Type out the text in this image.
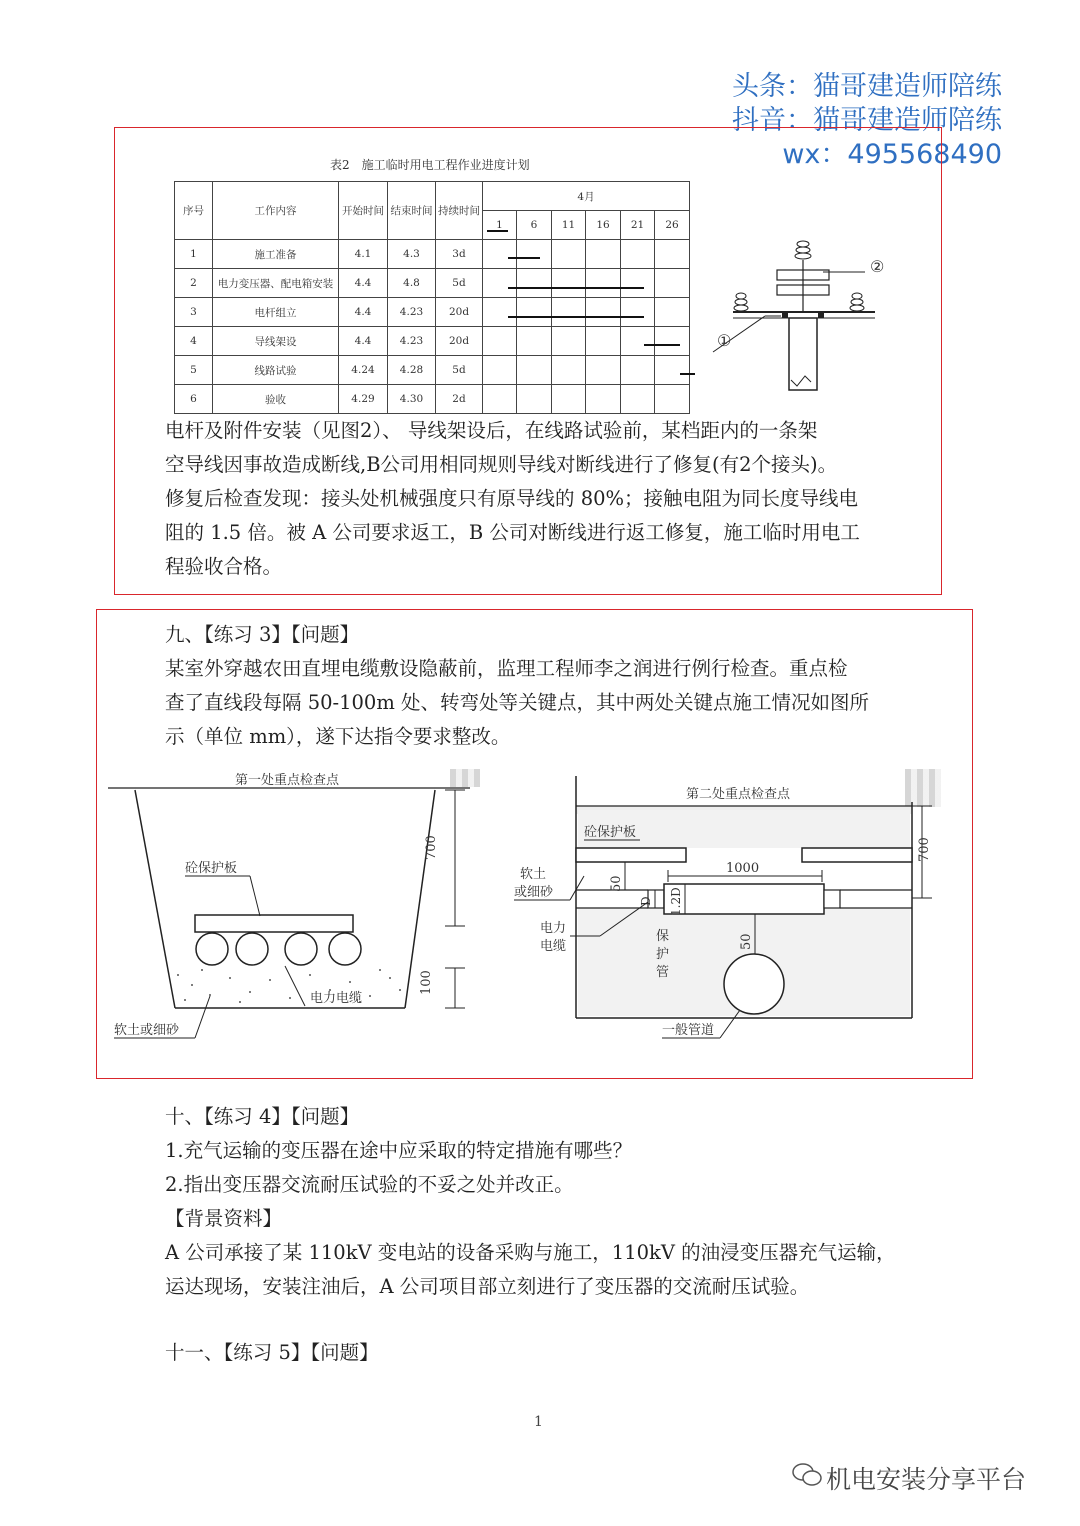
头条：猫哥建造师陪练
抖音：猫哥建造师陪练
wx：495568490
表2　施工临时用电工程作业进度计划
序号	工作内容	开始时间	结束时间	持续时间	4月					
					1	6	11	16	21	26
1	施工准备	4.1	4.3	3d						
2	电力变压器、配电箱安装	4.4	4.8	5d						
3	电杆组立	4.4	4.23	20d						
4	导线架设	4.4	4.23	20d						
5	线路试验	4.24	4.28	5d						
6	验收	4.29	4.30	2d						
①
②

电杆及附件安装（见图2）、 导线架设后，在线路试验前，某档距内的一条架

空导线因事故造成断线,B公司用相同规则导线对断线进行了修复(有2个接头)。

修复后检查发现：接头处机械强度只有原导线的 80%；接触电阻为同长度导线电

阻的 1.5 倍。被 A 公司要求返工，B 公司对断线进行返工修复，施工临时用电工

程验收合格。

九、【练习 3】【问题】

某室外穿越农田直埋电缆敷设隐蔽前，监理工程师李之润进行例行检查。重点检

查了直线段每隔 50-100m 处、转弯处等关键点，其中两处关键点施工情况如图所

示（单位 mm），遂下达指令要求整改。

700
100
第一处重点检查点
砼保护板
电力电缆
软土或细砂
第二处重点检查点
砼保护板
1000
700
50
D 1.2D
50
软土
或细砂
电力
电缆
保
护
管
一般管道

十、【练习 4】【问题】

1.充气运输的变压器在途中应采取的特定措施有哪些？

2.指出变压器交流耐压试验的不妥之处并改正。

【背景资料】

A 公司承接了某 110kV 变电站的设备采购与施工，110kV 的油浸变压器充气运输，

运达现场，安装注油后，A 公司项目部立刻进行了变压器的交流耐压试验。

十一、【练习 5】【问题】
1
机电安装分享平台
